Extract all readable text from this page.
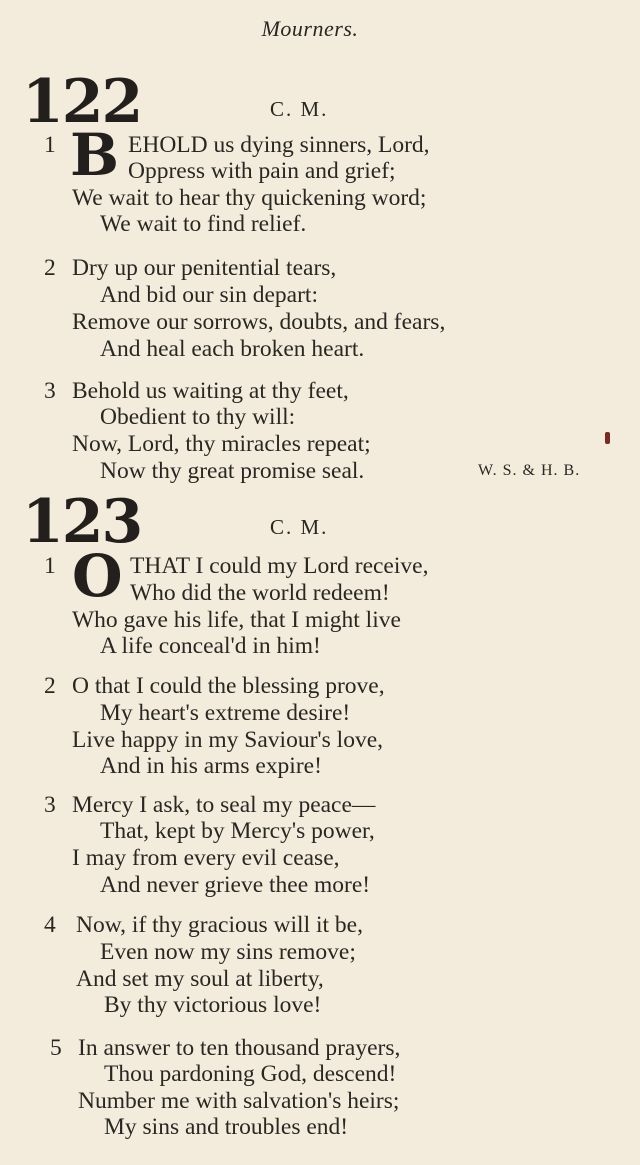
Mourners.
122	C. M.
1 B EHOLD us dying sinners, Lord,
Oppress with pain and grief;
We wait to hear thy quickening word;
We wait to find relief.
2 Dry up our penitential tears,
And bid our sin depart:
Remove our sorrows, doubts, and fears,
And heal each broken heart.
3 Behold us waiting at thy feet,
Obedient to thy will:
Now, Lord, thy miracles repeat;
Now thy great promise seal.	W. S. & H. B.
123	C. M.
1 O THAT I could my Lord receive,
Who did the world redeem!
Who gave his life, that I might live
A life conceal'd in him!
2 O that I could the blessing prove,
My heart's extreme desire!
Live happy in my Saviour's love,
And in his arms expire!
3 Mercy I ask, to seal my peace—
That, kept by Mercy's power,
I may from every evil cease,
And never grieve thee more!
4 Now, if thy gracious will it be,
Even now my sins remove;
And set my soul at liberty,
By thy victorious love!
5 In answer to ten thousand prayers,
Thou pardoning God, descend!
Number me with salvation's heirs;
My sins and troubles end!
